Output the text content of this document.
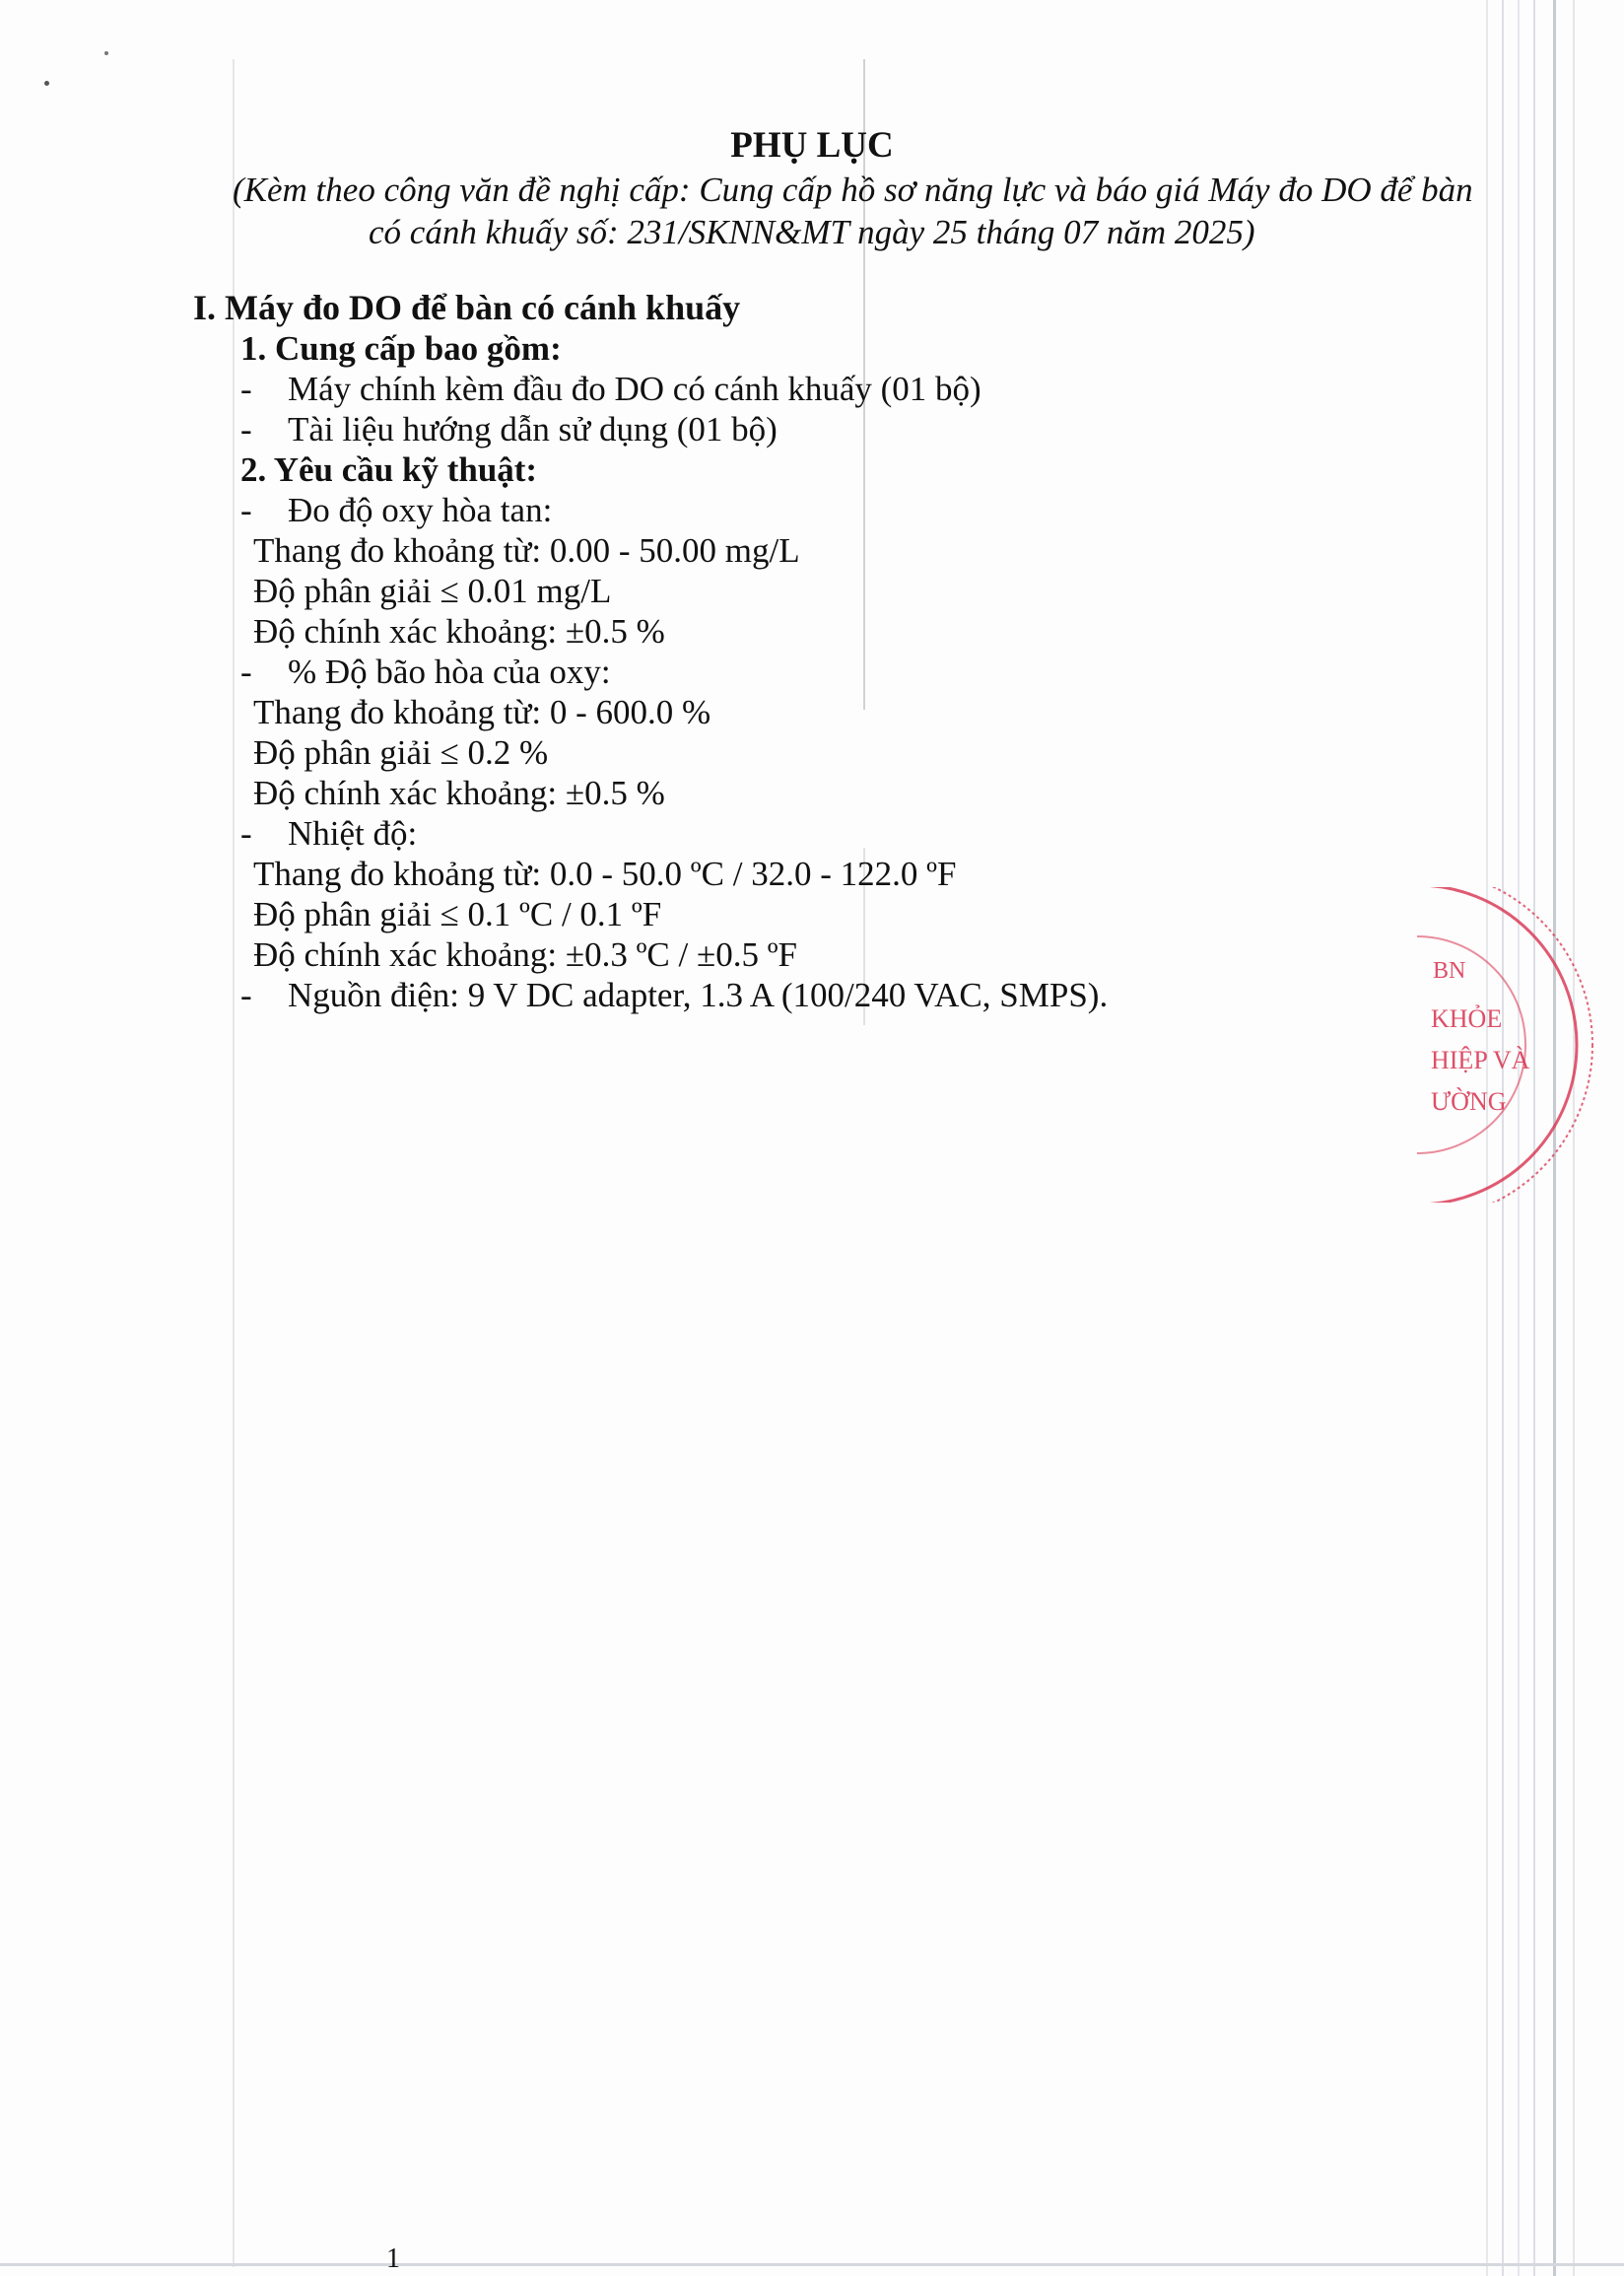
PHỤ LỤC
(Kèm theo công văn đề nghị cấp: Cung cấp hồ sơ năng lực và báo giá Máy đo DO để bàn
có cánh khuấy số: 231/SKNN&MT ngày 25 tháng 07 năm 2025)
I. Máy đo DO để bàn có cánh khuấy
1. Cung cấp bao gồm:
- Máy chính kèm đầu đo DO có cánh khuấy (01 bộ)
- Tài liệu hướng dẫn sử dụng (01 bộ)
2. Yêu cầu kỹ thuật:
- Đo độ oxy hòa tan:
Thang đo khoảng từ: 0.00 - 50.00 mg/L
Độ phân giải ≤ 0.01 mg/L
Độ chính xác khoảng: ±0.5 %
- % Độ bão hòa của oxy:
Thang đo khoảng từ: 0 - 600.0 %
Độ phân giải ≤ 0.2 %
Độ chính xác khoảng: ±0.5 %
- Nhiệt độ:
Thang đo khoảng từ: 0.0 - 50.0 ºC / 32.0 - 122.0 ºF
Độ phân giải ≤ 0.1 ºC / 0.1 ºF
Độ chính xác khoảng: ±0.3 ºC / ±0.5 ºF
- Nguồn điện: 9 V DC adapter, 1.3 A (100/240 VAC, SMPS).
BN
KHỎE
HIỆP VÀ
ƯỜNG
1
